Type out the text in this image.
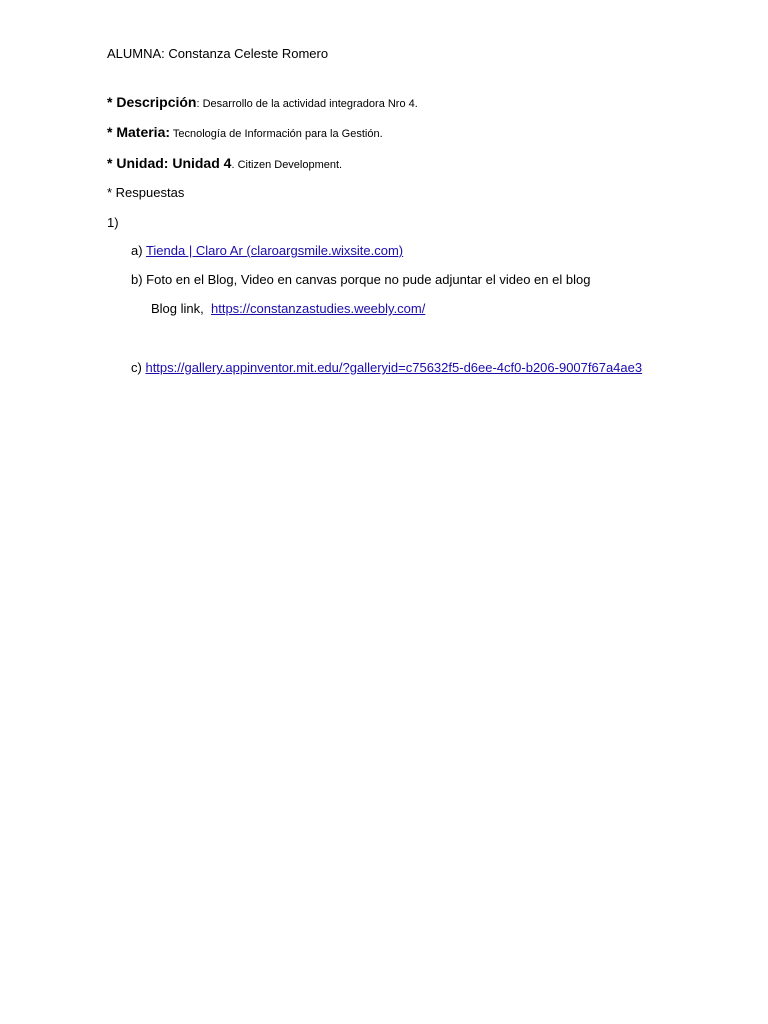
ALUMNA: Constanza Celeste Romero
* Descripción: Desarrollo de la actividad integradora Nro 4.
* Materia: Tecnología de Información para la Gestión.
* Unidad: Unidad 4. Citizen Development.
* Respuestas
1)
a) Tienda | Claro Ar (claroargsmile.wixsite.com)
b) Foto en el Blog, Video en canvas porque no pude adjuntar el video en el blog
Blog link, https://constanzastudies.weebly.com/
c) https://gallery.appinventor.mit.edu/?galleryid=c75632f5-d6ee-4cf0-b206-9007f67a4ae3
